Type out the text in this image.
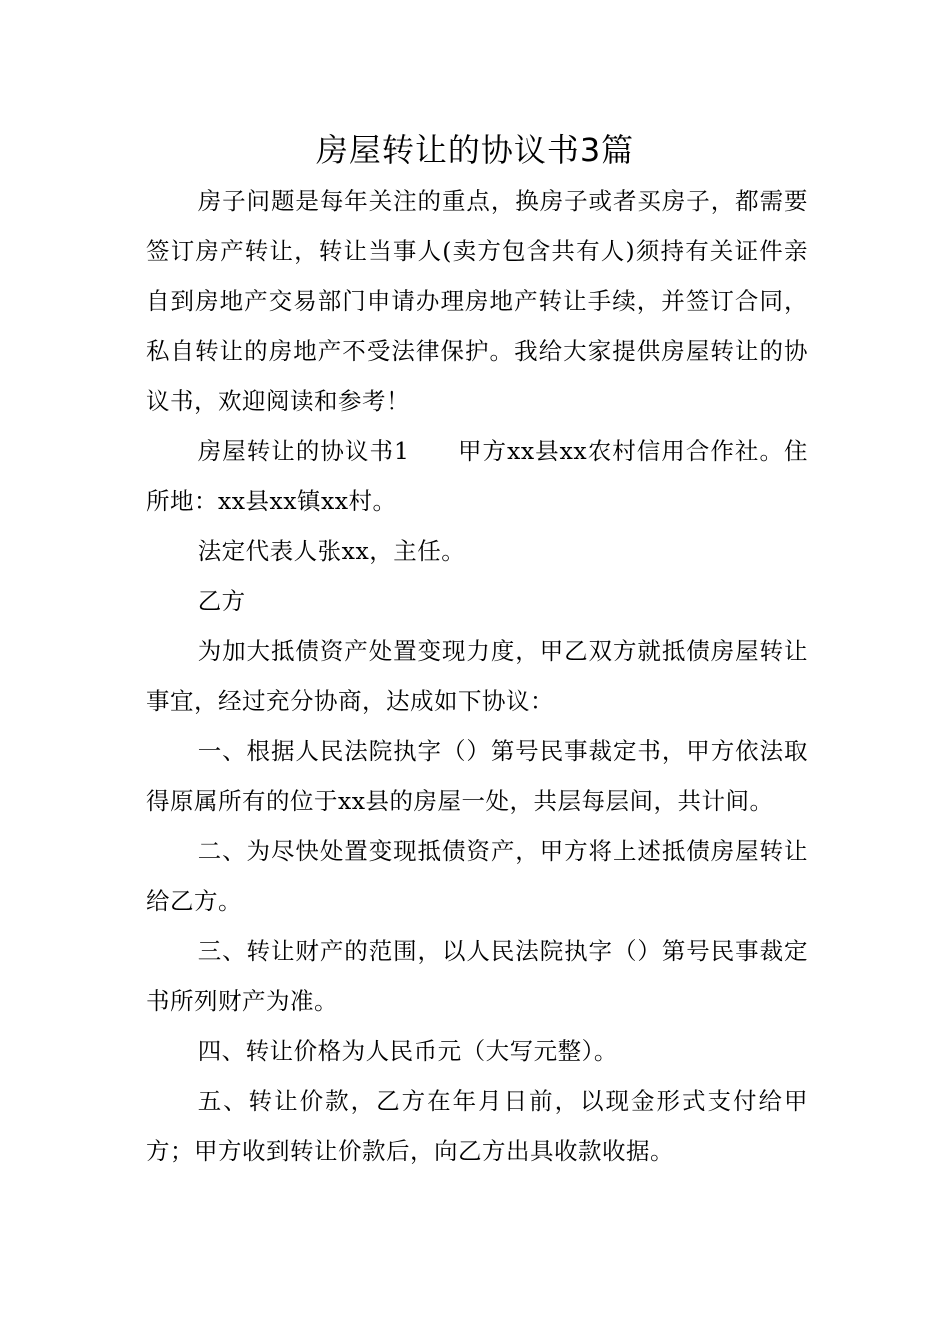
房屋转让的协议书3篇

房子问题是每年关注的重点，换房子或者买房子，都需要签订房产转让，转让当事人(卖方包含共有人)须持有关证件亲自到房地产交易部门申请办理房地产转让手续，并签订合同，私自转让的房地产不受法律保护。我给大家提供房屋转让的协议书，欢迎阅读和参考！

房屋转让的协议书1 甲方xx县xx农村信用合作社。住所地：xx县xx镇xx村。

法定代表人张xx，主任。

乙方

为加大抵债资产处置变现力度，甲乙双方就抵债房屋转让事宜，经过充分协商，达成如下协议：

一、根据人民法院执字（）第号民事裁定书，甲方依法取得原属所有的位于xx县的房屋一处，共层每层间，共计间。

二、为尽快处置变现抵债资产，甲方将上述抵债房屋转让给乙方。

三、转让财产的范围，以人民法院执字（）第号民事裁定书所列财产为准。

四、转让价格为人民币元（大写元整）。

五、转让价款，乙方在年月日前，以现金形式支付给甲方；甲方收到转让价款后，向乙方出具收款收据。
